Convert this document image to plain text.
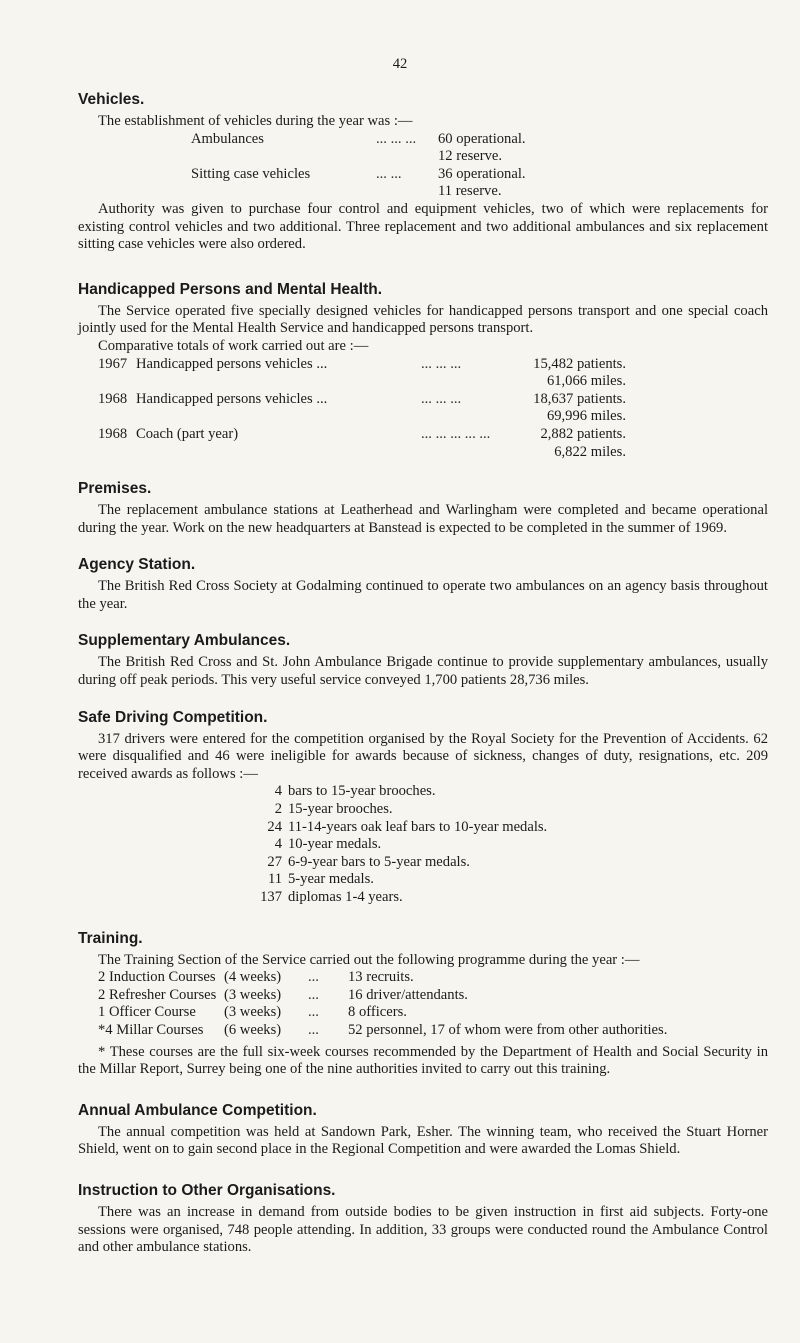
42
Vehicles.

The establishment of vehicles during the year was :—

Ambulances	... ... ...	60 operational.
12 reserve.
Sitting case vehicles	... ...	36 operational.
11 reserve.

Authority was given to purchase four control and equipment vehicles, two of which were replacements for existing control vehicles and two additional. Three replacement and two additional ambulances and six replacement sitting case vehicles were also ordered.

Handicapped Persons and Mental Health.

The Service operated five specially designed vehicles for handicapped persons transport and one special coach jointly used for the Mental Health Service and handicapped persons transport.

Comparative totals of work carried out are :—

1967 Handicapped persons vehicles ...	... ... ...	15,482 patients.
61,066 miles.
1968 Handicapped persons vehicles ...	... ... ...	18,637 patients.
69,996 miles.
1968 Coach (part year)	... ... ... ... ...	2,882 patients.
6,822 miles.
Premises.

The replacement ambulance stations at Leatherhead and Warlingham were completed and became operational during the year. Work on the new headquarters at Banstead is expected to be completed in the summer of 1969.

Agency Station.

The British Red Cross Society at Godalming continued to operate two ambulances on an agency basis throughout the year.

Supplementary Ambulances.

The British Red Cross and St. John Ambulance Brigade continue to provide supplementary ambulances, usually during off peak periods. This very useful service conveyed 1,700 patients 28,736 miles.

Safe Driving Competition.

317 drivers were entered for the competition organised by the Royal Society for the Prevention of Accidents. 62 were disqualified and 46 were ineligible for awards because of sickness, changes of duty, resignations, etc. 209 received awards as follows :—

4 bars to 15-year brooches.
2 15-year brooches.
24 11-14-years oak leaf bars to 10-year medals.
4 10-year medals.
27 6-9-year bars to 5-year medals.
11 5-year medals.
137 diplomas 1-4 years.
Training.

The Training Section of the Service carried out the following programme during the year :—

2 Induction Courses (4 weeks)	...	13 recruits.
2 Refresher Courses (3 weeks)	...	16 driver/attendants.
1 Officer Course	(3 weeks)	...	8 officers.
*4 Millar Courses	(6 weeks)	...	52 personnel, 17 of whom were from other authorities.

* These courses are the full six-week courses recommended by the Department of Health and Social Security in the Millar Report, Surrey being one of the nine authorities invited to carry out this training.

Annual Ambulance Competition.

The annual competition was held at Sandown Park, Esher. The winning team, who received the Stuart Horner Shield, went on to gain second place in the Regional Competition and were awarded the Lomas Shield.

Instruction to Other Organisations.

There was an increase in demand from outside bodies to be given instruction in first aid subjects. Forty-one sessions were organised, 748 people attending. In addition, 33 groups were conducted round the Ambulance Control and other ambulance stations.
